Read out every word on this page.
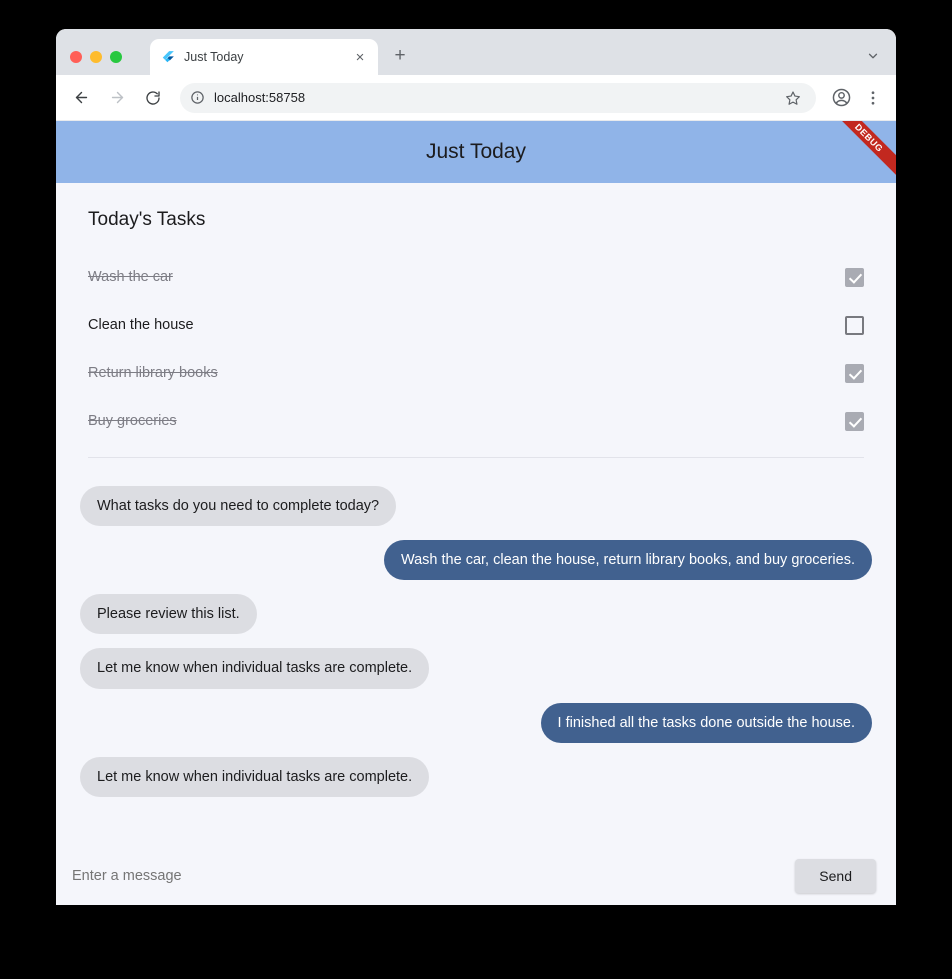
Just Today	×	+
localhost:58758
Just Today	DEBUG
Today's Tasks
Wash the car
Clean the house
Return library books
Buy groceries
What tasks do you need to complete today?
Wash the car, clean the house, return library books, and buy groceries.
Please review this list.
Let me know when individual tasks are complete.
I finished all the tasks done outside the house.
Let me know when individual tasks are complete.
Enter a message
Send
